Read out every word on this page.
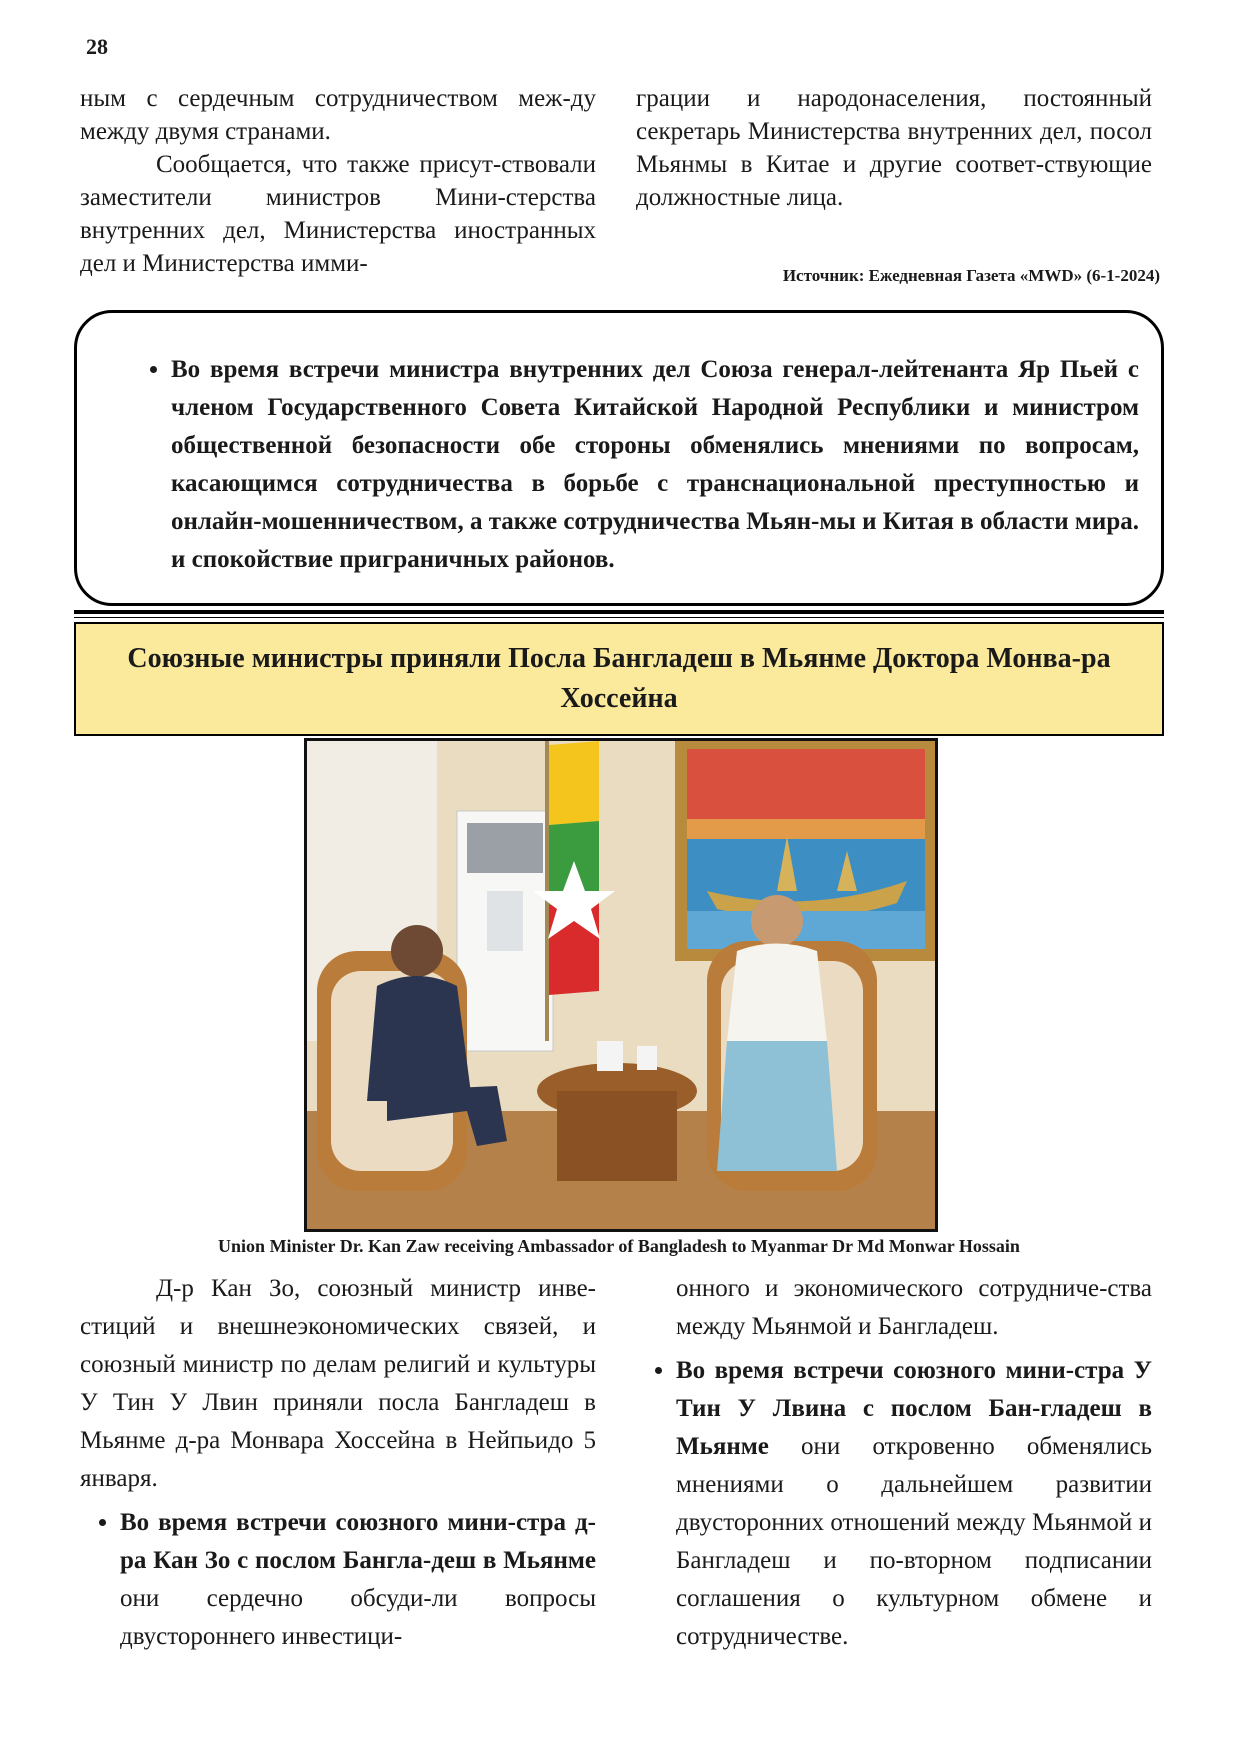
28

ным с сердечным сотрудничеством меж-ду между двумя странами.

Сообщается, что также присут-ствовали заместители министров Мини-стерства внутренних дел, Министерства иностранных дел и Министерства имми-

грации и народонаселения, постоянный секретарь Министерства внутренних дел, посол Мьянмы в Китае и другие соответ-ствующие должностные лица.

Источник: Ежедневная Газета «MWD» (6-1-2024)
• Во время встречи министра внутренних дел Союза генерал-лейтенанта Яр Пьей с членом Государственного Совета Китайской Народной Республики и министром общественной безопасности обе стороны обменялись мнениями по вопросам, касающимся сотрудничества в борьбе с транснациональной преступностью и онлайн-мошенничеством, а также сотрудничества Мьян-мы и Китая в области мира. и спокойствие приграничных районов.
Союзные министры приняли Посла Бангладеш в Мьянме Доктора Монва-ра Хоссейна
Union Minister Dr. Kan Zaw receiving Ambassador of Bangladesh to Myanmar Dr Md Monwar Hossain

Д-р Кан Зо, союзный министр инве-стиций и внешнеэкономических связей, и союзный министр по делам религий и культуры У Тин У Лвин приняли посла Бангладеш в Мьянме д-ра Монвара Хоссейна в Нейпьидо 5 января.

• Во время встречи союзного мини-стра д-ра Кан Зо с послом Бангла-деш в Мьянме они сердечно обсуди-ли вопросы двустороннего инвестици-

онного и экономического сотрудниче-ства между Мьянмой и Бангладеш.

• Во время встречи союзного мини-стра У Тин У Лвина с послом Бан-гладеш в Мьянме они откровенно обменялись мнениями о дальнейшем развитии двусторонних отношений между Мьянмой и Бангладеш и по-вторном подписании соглашения о культурном обмене и сотрудничестве.
